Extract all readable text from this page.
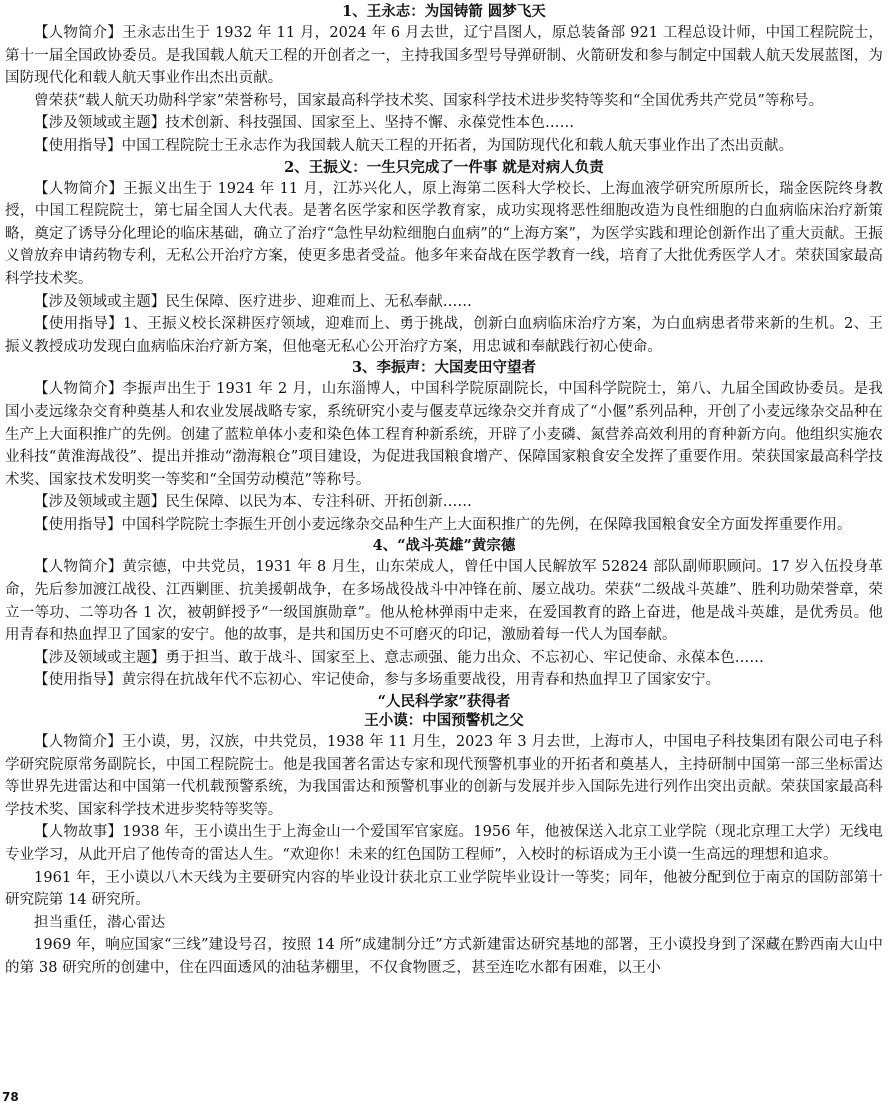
1、王永志：为国铸箭 圆梦飞天

【人物简介】王永志出生于 1932 年 11 月，2024 年 6 月去世，辽宁昌图人，原总装备部 921 工程总设计师，中国工程院院士，第十一届全国政协委员。是我国载人航天工程的开创者之一，主持我国多型号导弹研制、火箭研发和参与制定中国载人航天发展蓝图，为国防现代化和载人航天事业作出杰出贡献。

曾荣获“载人航天功勋科学家”荣誉称号，国家最高科学技术奖、国家科学技术进步奖特等奖和“全国优秀共产党员”等称号。

【涉及领域或主题】技术创新、科技强国、国家至上、坚持不懈、永葆党性本色……

【使用指导】中国工程院院士王永志作为我国载人航天工程的开拓者，为国防现代化和载人航天事业作出了杰出贡献。

2、王振义：一生只完成了一件事 就是对病人负责

【人物简介】王振义出生于 1924 年 11 月，江苏兴化人，原上海第二医科大学校长、上海血液学研究所原所长，瑞金医院终身教授，中国工程院院士，第七届全国人大代表。是著名医学家和医学教育家，成功实现将恶性细胞改造为良性细胞的白血病临床治疗新策略，奠定了诱导分化理论的临床基础，确立了治疗“急性早幼粒细胞白血病”的“上海方案”，为医学实践和理论创新作出了重大贡献。王振义曾放弃申请药物专利，无私公开治疗方案，使更多患者受益。他多年来奋战在医学教育一线，培育了大批优秀医学人才。荣获国家最高科学技术奖。

【涉及领域或主题】民生保障、医疗进步、迎难而上、无私奉献……

【使用指导】1、王振义校长深耕医疗领域，迎难而上、勇于挑战，创新白血病临床治疗方案，为白血病患者带来新的生机。2、王振义教授成功发现白血病临床治疗新方案，但他毫无私心公开治疗方案，用忠诚和奉献践行初心使命。

3、李振声：大国麦田守望者

【人物简介】李振声出生于 1931 年 2 月，山东淄博人，中国科学院原副院长，中国科学院院士，第八、九届全国政协委员。是我国小麦远缘杂交育种奠基人和农业发展战略专家，系统研究小麦与偃麦草远缘杂交并育成了“小偃”系列品种，开创了小麦远缘杂交品种在生产上大面积推广的先例。创建了蓝粒单体小麦和染色体工程育种新系统，开辟了小麦磷、氮营养高效利用的育种新方向。他组织实施农业科技“黄淮海战役”、提出并推动“渤海粮仓”项目建设，为促进我国粮食增产、保障国家粮食安全发挥了重要作用。荣获国家最高科学技术奖、国家技术发明奖一等奖和“全国劳动模范”等称号。

【涉及领域或主题】民生保障、以民为本、专注科研、开拓创新……

【使用指导】中国科学院院士李振生开创小麦远缘杂交品种生产上大面积推广的先例，在保障我国粮食安全方面发挥重要作用。

4、“战斗英雄”黄宗德

【人物简介】黄宗德，中共党员，1931 年 8 月生，山东荣成人，曾任中国人民解放军 52824 部队副师职顾问。17 岁入伍投身革命，先后参加渡江战役、江西剿匪、抗美援朝战争，在多场战役战斗中冲锋在前、屡立战功。荣获“二级战斗英雄”、胜利功勋荣誉章，荣立一等功、二等功各 1 次，被朝鲜授予“一级国旗勋章”。他从枪林弹雨中走来，在爱国教育的路上奋进，他是战斗英雄，是优秀员。他用青春和热血捍卫了国家的安宁。他的故事，是共和国历史不可磨灭的印记，激励着每一代人为国奉献。

【涉及领域或主题】勇于担当、敢于战斗、国家至上、意志顽强、能力出众、不忘初心、牢记使命、永葆本色……

【使用指导】黄宗得在抗战年代不忘初心、牢记使命，参与多场重要战役，用青春和热血捍卫了国家安宁。

“人民科学家”获得者
王小谟：中国预警机之父

【人物简介】王小谟，男，汉族，中共党员，1938 年 11 月生，2023 年 3 月去世，上海市人，中国电子科技集团有限公司电子科学研究院原常务副院长，中国工程院院士。他是我国著名雷达专家和现代预警机事业的开拓者和奠基人，主持研制中国第一部三坐标雷达等世界先进雷达和中国第一代机载预警系统，为我国雷达和预警机事业的创新与发展并步入国际先进行列作出突出贡献。荣获国家最高科学技术奖、国家科学技术进步奖特等奖等。

【人物故事】1938 年，王小谟出生于上海金山一个爱国军官家庭。1956 年，他被保送入北京工业学院（现北京理工大学）无线电专业学习，从此开启了他传奇的雷达人生。“欢迎你！未来的红色国防工程师”，入校时的标语成为王小谟一生高远的理想和追求。

1961 年，王小谟以八木天线为主要研究内容的毕业设计获北京工业学院毕业设计一等奖；同年，他被分配到位于南京的国防部第十研究院第 14 研究所。

担当重任，潜心雷达

1969 年，响应国家“三线”建设号召，按照 14 所“成建制分迁”方式新建雷达研究基地的部署，王小谟投身到了深藏在黔西南大山中的第 38 研究所的创建中，住在四面透风的油毡茅棚里，不仅食物匮乏，甚至连吃水都有困难，以王小

78
